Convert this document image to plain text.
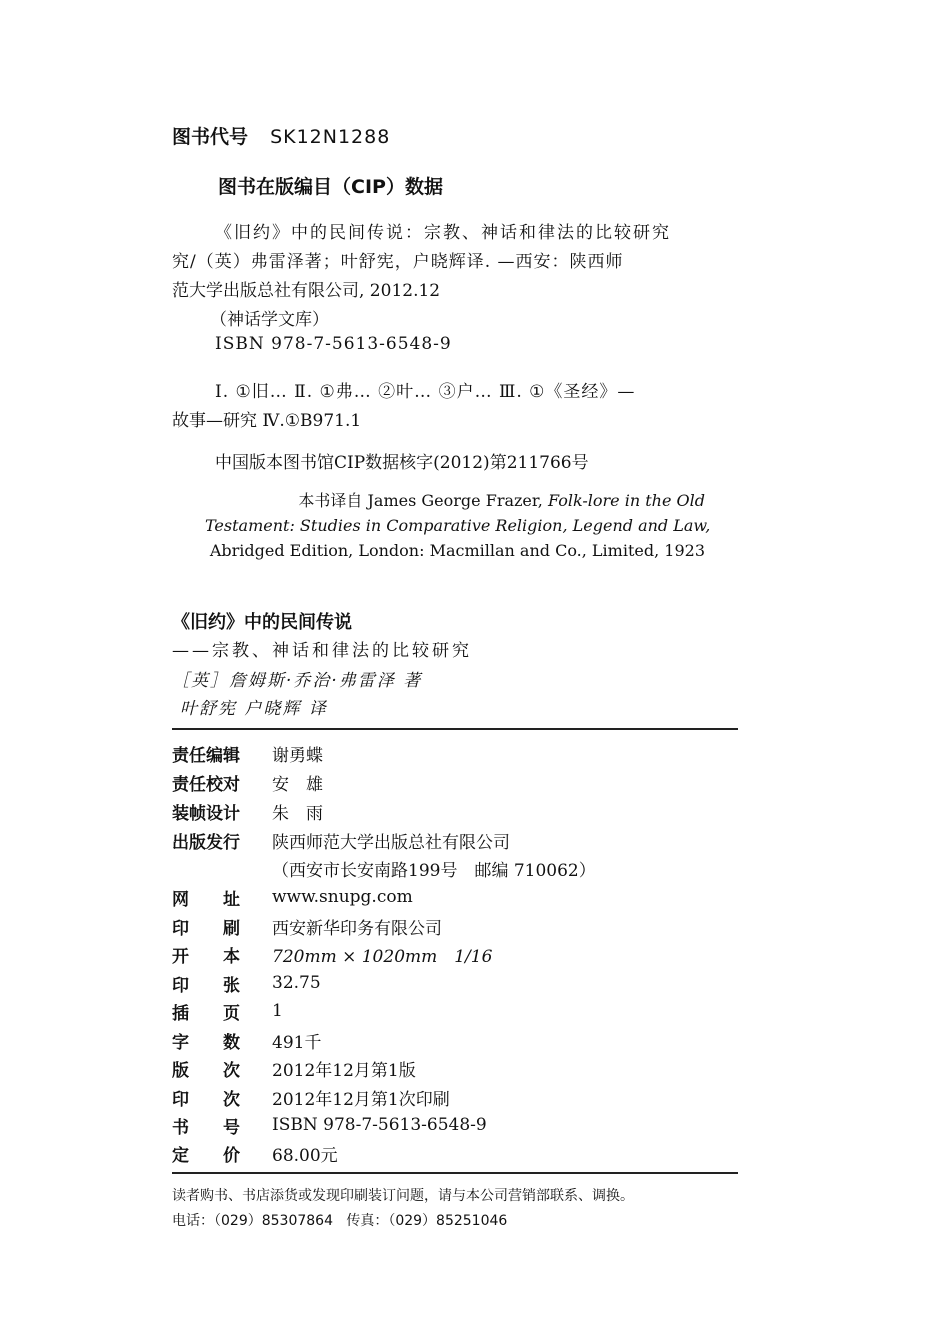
图书代号 SK12N1288
图书在版编目（CIP）数据
《旧约》中的民间传说：宗教、神话和律法的比较研究
究/（英）弗雷泽著；叶舒宪，户晓辉译. —西安：陕西师
范大学出版总社有限公司, 2012.12
（神话学文库）
ISBN 978-7-5613-6548-9
Ⅰ. ①旧… Ⅱ. ①弗… ②叶… ③户… Ⅲ. ①《圣经》—
故事—研究 Ⅳ.①B971.1
中国版本图书馆CIP数据核字(2012)第211766号
本书译自 James George Frazer, Folk-lore in the Old
Testament: Studies in Comparative Religion, Legend and Law,
Abridged Edition, London: Macmillan and Co., Limited, 1923
《旧约》中的民间传说
——宗教、神话和律法的比较研究
［英］詹姆斯·乔治·弗雷泽 著
叶舒宪 户晓辉 译
责任编辑	谢勇蝶
责任校对	安　雄
装帧设计	朱　雨
出版发行	陕西师范大学出版总社有限公司
（西安市长安南路199号　邮编 710062）
网　　址	www.snupg.com
印　　刷	西安新华印务有限公司
开　　本	720mm × 1020mm　1/16
印　　张	32.75
插　　页	1
字　　数	491千
版　　次	2012年12月第1版
印　　次	2012年12月第1次印刷
书　　号	ISBN 978-7-5613-6548-9
定　　价	68.00元
读者购书、书店添货或发现印刷装订问题，请与本公司营销部联系、调换。
电话：（029）85307864   传真：（029）85251046
